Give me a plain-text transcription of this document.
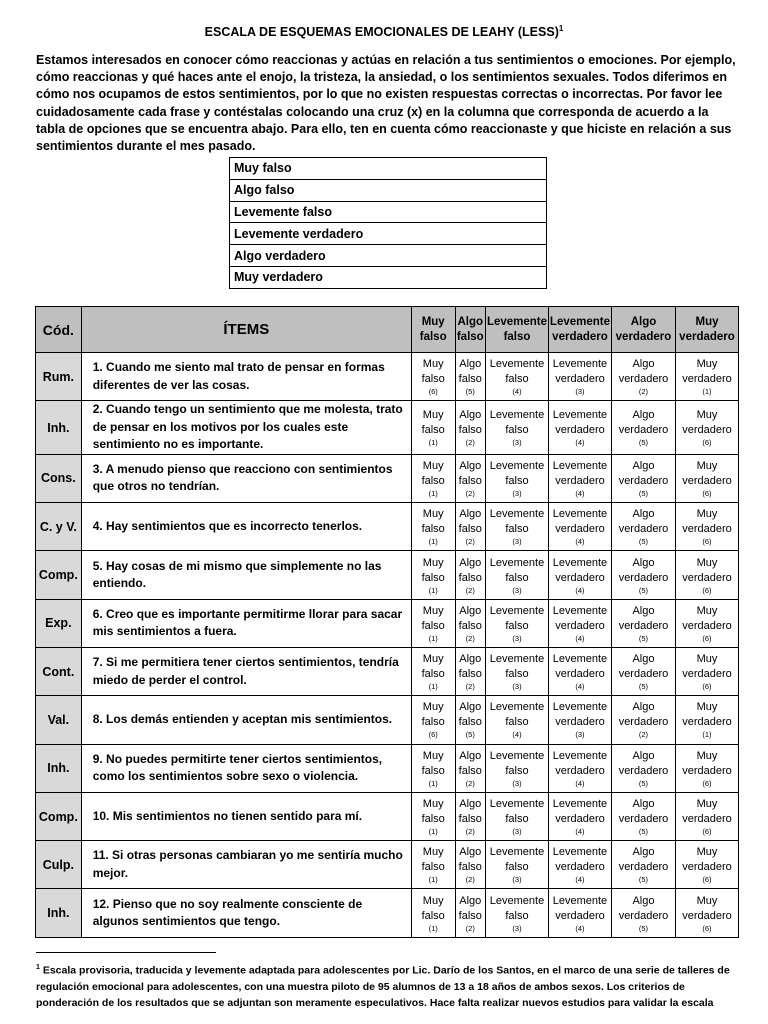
ESCALA DE ESQUEMAS EMOCIONALES DE LEAHY (LESS)$^1$
Estamos interesados en conocer cómo reaccionas y actúas en relación a tus sentimientos o emociones. Por ejemplo, cómo reaccionas y qué haces ante el enojo, la tristeza, la ansiedad, o los sentimientos sexuales. Todos diferimos en cómo nos ocupamos de estos sentimientos, por lo que no existen respuestas correctas o incorrectas. Por favor lee cuidadosamente cada frase y contéstalas colocando una cruz (x) en la columna que corresponda de acuerdo a la tabla de opciones que se encuentra abajo. Para ello, ten en cuenta cómo reaccionaste y que hiciste en relación a sus sentimientos durante el mes pasado.
Muy falso
Algo falso
Levemente falso
Levemente verdadero
Algo verdadero
Muy verdadero
Cód.	ÍTEMS	Muy
falso	Algo
falso	Levemente
falso	Levemente
verdadero	Algo
verdadero	Muy
verdadero
Rum.	1. Cuando me siento mal trato de pensar en formas diferentes de ver las cosas.	Muy
falso
(6)	Algo
falso
(5)	Levemente
falso
(4)	Levemente
verdadero
(3)	Algo
verdadero
(2)	Muy
verdadero
(1)

Inh.	2. Cuando tengo un sentimiento que me molesta, trato de pensar en los motivos por los cuales este sentimiento no es importante.	Muy
falso
(1)	Algo
falso
(2)	Levemente
falso
(3)	Levemente
verdadero
(4)	Algo
verdadero
(5)	Muy
verdadero
(6)

Cons.	3. A menudo pienso que reacciono con sentimientos que otros no tendrían.	Muy
falso
(1)	Algo
falso
(2)	Levemente
falso
(3)	Levemente
verdadero
(4)	Algo
verdadero
(5)	Muy
verdadero
(6)

C. y V.	4. Hay sentimientos que es incorrecto tenerlos.	Muy
falso
(1)	Algo
falso
(2)	Levemente
falso
(3)	Levemente
verdadero
(4)	Algo
verdadero
(5)	Muy
verdadero
(6)

Comp.	5. Hay cosas de mi mismo que simplemente no las entiendo.	Muy
falso
(1)	Algo
falso
(2)	Levemente
falso
(3)	Levemente
verdadero
(4)	Algo
verdadero
(5)	Muy
verdadero
(6)

Exp.	6. Creo que es importante permitirme llorar para sacar mis sentimientos a fuera.	Muy
falso
(1)	Algo
falso
(2)	Levemente
falso
(3)	Levemente
verdadero
(4)	Algo
verdadero
(5)	Muy
verdadero
(6)

Cont.	7. Si me permitiera tener ciertos sentimientos, tendría miedo de perder el control.	Muy
falso
(1)	Algo
falso
(2)	Levemente
falso
(3)	Levemente
verdadero
(4)	Algo
verdadero
(5)	Muy
verdadero
(6)

Val.	8. Los demás entienden y aceptan mis sentimientos.	Muy
falso
(6)	Algo
falso
(5)	Levemente
falso
(4)	Levemente
verdadero
(3)	Algo
verdadero
(2)	Muy
verdadero
(1)

Inh.	9. No puedes permitirte tener ciertos sentimientos, como los sentimientos sobre sexo o violencia.	Muy
falso
(1)	Algo
falso
(2)	Levemente
falso
(3)	Levemente
verdadero
(4)	Algo
verdadero
(5)	Muy
verdadero
(6)

Comp.	10. Mis sentimientos no tienen sentido para mí.	Muy
falso
(1)	Algo
falso
(2)	Levemente
falso
(3)	Levemente
verdadero
(4)	Algo
verdadero
(5)	Muy
verdadero
(6)

Culp.	11. Si otras personas cambiaran yo me sentiría mucho mejor.	Muy
falso
(1)	Algo
falso
(2)	Levemente
falso
(3)	Levemente
verdadero
(4)	Algo
verdadero
(5)	Muy
verdadero
(6)

Inh.	12. Pienso que no soy realmente consciente de algunos sentimientos que tengo.	Muy
falso
(1)	Algo
falso
(2)	Levemente
falso
(3)	Levemente
verdadero
(4)	Algo
verdadero
(5)	Muy
verdadero
(6)
$^1$ Escala provisoria, traducida y levemente adaptada para adolescentes por Lic. Darío de los Santos, en el marco de una serie de talleres de regulación emocional para adolescentes, con una muestra piloto de 95 alumnos de 13 a 18 años de ambos sexos. Los criterios de ponderación de los resultados que se adjuntan son meramente especulativos. Hace falta realizar nuevos estudios para validar la escala
